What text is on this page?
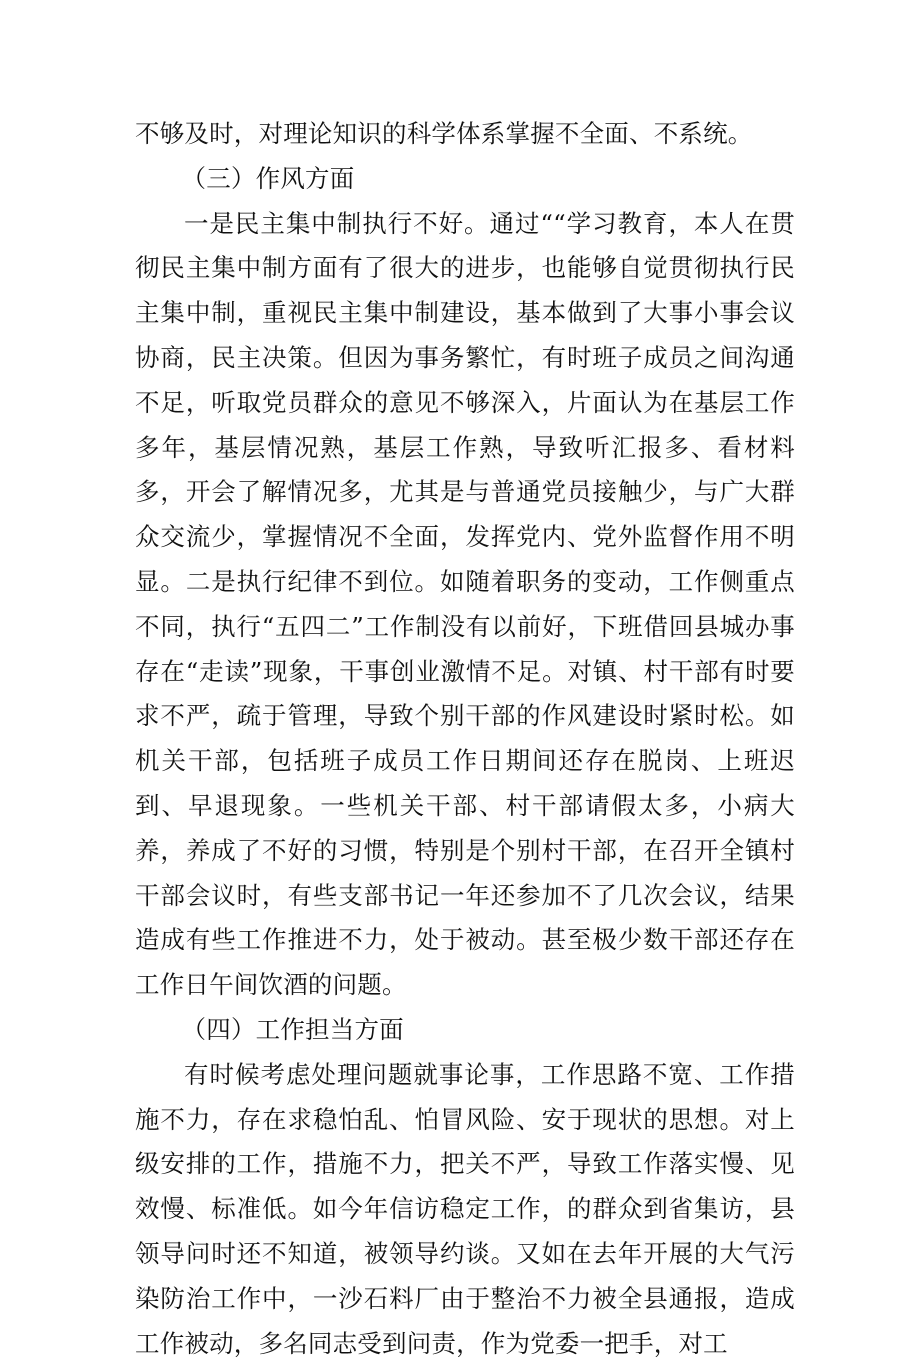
不够及时，对理论知识的科学体系掌握不全面、不系统。

（三）作风方面

一是民主集中制执行不好。通过““学习教育，本人在贯彻民主集中制方面有了很大的进步，也能够自觉贯彻执行民主集中制，重视民主集中制建设，基本做到了大事小事会议协商，民主决策。但因为事务繁忙，有时班子成员之间沟通不足，听取党员群众的意见不够深入，片面认为在基层工作多年，基层情况熟，基层工作熟，导致听汇报多、看材料多，开会了解情况多，尤其是与普通党员接触少，与广大群众交流少，掌握情况不全面，发挥党内、党外监督作用不明显。二是执行纪律不到位。如随着职务的变动，工作侧重点不同，执行“五四二”工作制没有以前好，下班借回县城办事存在“走读”现象，干事创业激情不足。对镇、村干部有时要求不严，疏于管理，导致个别干部的作风建设时紧时松。如机关干部，包括班子成员工作日期间还存在脱岗、上班迟到、早退现象。一些机关干部、村干部请假太多，小病大养，养成了不好的习惯，特别是个别村干部，在召开全镇村干部会议时，有些支部书记一年还参加不了几次会议，结果造成有些工作推进不力，处于被动。甚至极少数干部还存在工作日午间饮酒的问题。

（四）工作担当方面

有时候考虑处理问题就事论事，工作思路不宽、工作措施不力，存在求稳怕乱、怕冒风险、安于现状的思想。对上级安排的工作，措施不力，把关不严，导致工作落实慢、见效慢、标准低。如今年信访稳定工作，的群众到省集访，县领导问时还不知道，被领导约谈。又如在去年开展的大气污染防治工作中，一沙石料厂由于整治不力被全县通报，造成工作被动，多名同志受到问责，作为党委一把手，对工
